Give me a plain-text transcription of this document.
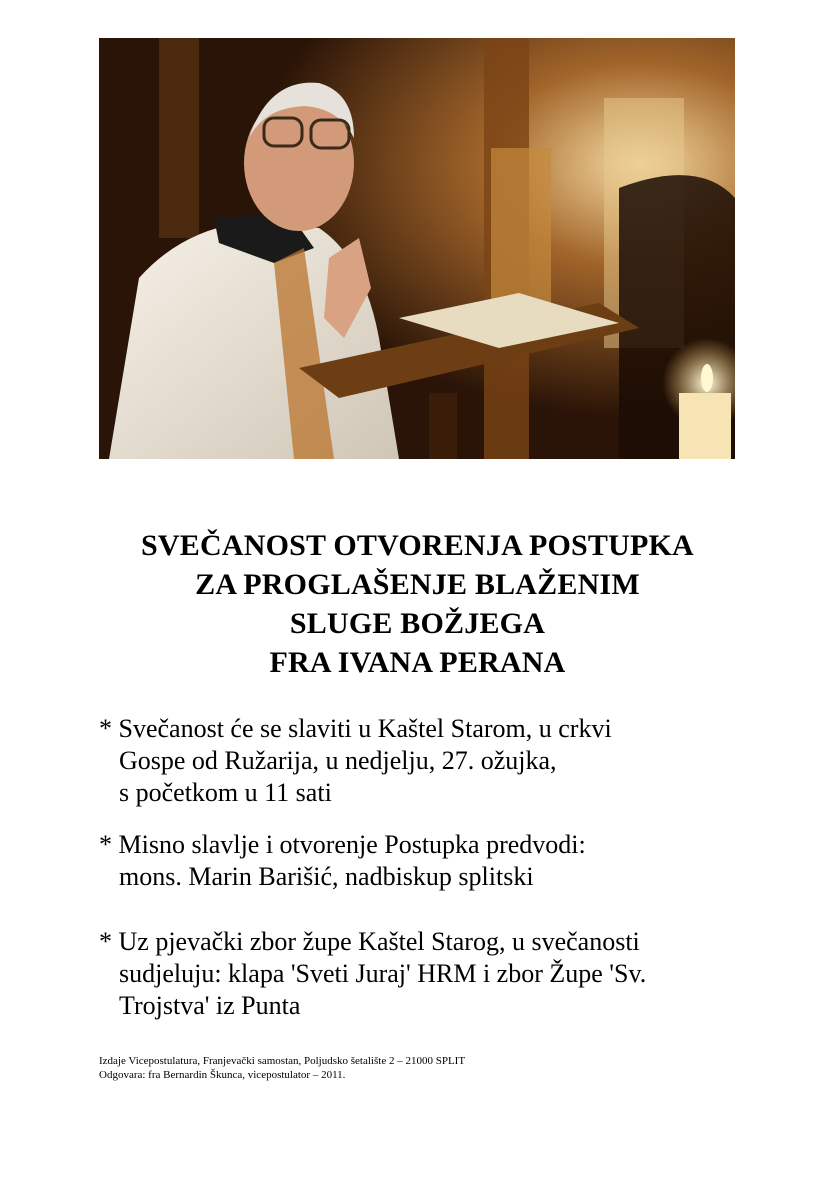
SVEČANOST OTVORENJA POSTUPKA
ZA PROGLAŠENJE BLAŽENIM
SLUGE BOŽJEGA
FRA IVANA PERANA
* Svečanost će se slaviti u Kaštel Starom, u crkvi
Gospe od Ružarija, u nedjelju, 27. ožujka,
s početkom u 11 sati
* Misno slavlje i otvorenje Postupka predvodi:
mons. Marin Barišić, nadbiskup splitski
* Uz pjevački zbor župe Kaštel Starog, u svečanosti
sudjeluju: klapa 'Sveti Juraj' HRM i zbor Župe 'Sv.
Trojstva' iz Punta
Izdaje Vicepostulatura, Franjevački samostan, Poljudsko šetalište 2 – 21000 SPLIT
Odgovara: fra Bernardin Škunca, vicepostulator – 2011.
